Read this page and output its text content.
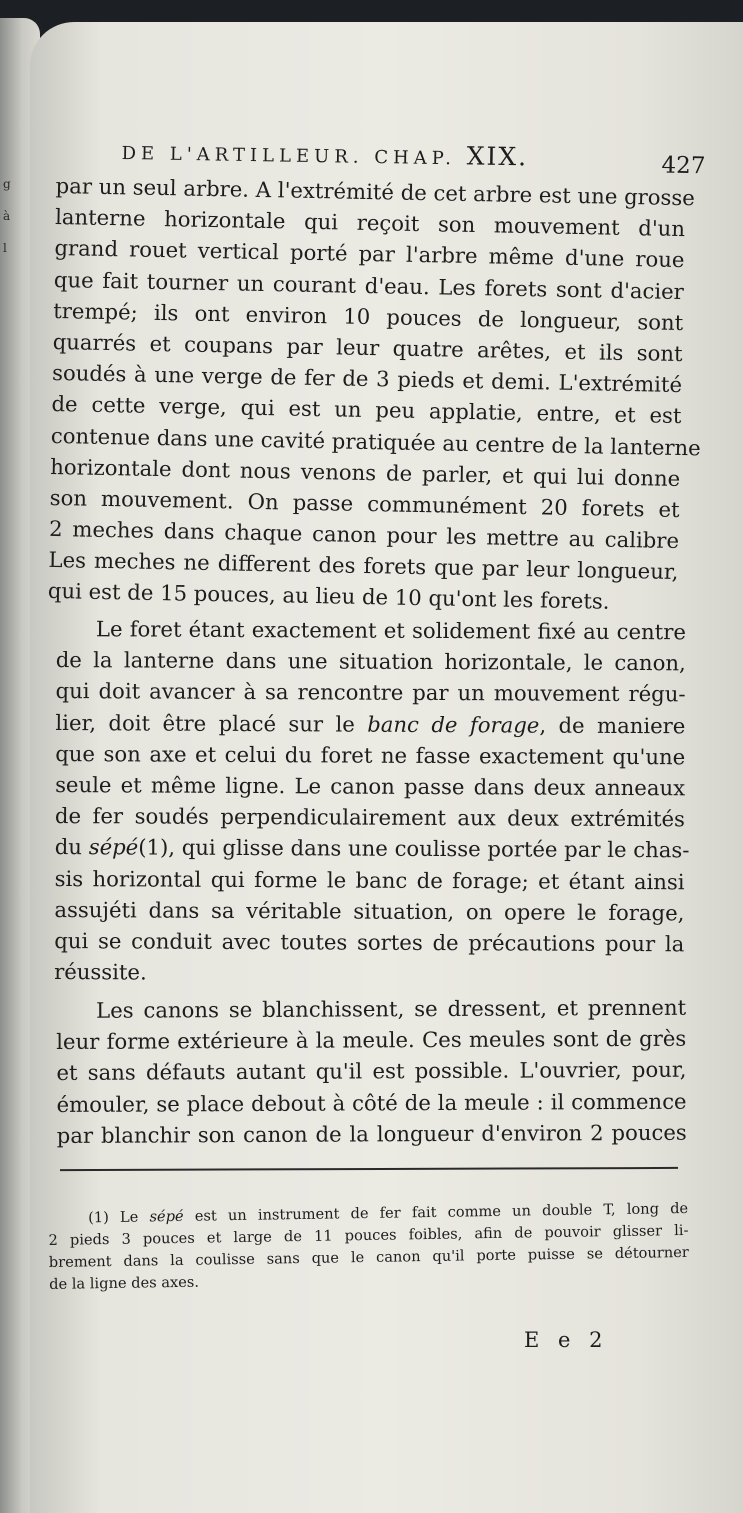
g
à
l
DE L'ARTILLEUR. CHAP. XIX.	427
par un seul arbre. A l'extrémité de cet arbre est une grosse
lanterne horizontale qui reçoit son mouvement d'un
grand rouet vertical porté par l'arbre même d'une roue
que fait tourner un courant d'eau. Les forets sont d'acier
trempé; ils ont environ 10 pouces de longueur, sont
quarrés et coupans par leur quatre arêtes, et ils sont
soudés à une verge de fer de 3 pieds et demi. L'extrémité
de cette verge, qui est un peu applatie, entre, et est
contenue dans une cavité pratiquée au centre de la lanterne
horizontale dont nous venons de parler, et qui lui donne
son mouvement. On passe communément 20 forets et
2 meches dans chaque canon pour les mettre au calibre
Les meches ne different des forets que par leur longueur,
qui est de 15 pouces, au lieu de 10 qu'ont les forets.
Le foret étant exactement et solidement fixé au centre
de la lanterne dans une situation horizontale, le canon,
qui doit avancer à sa rencontre par un mouvement régu-
lier, doit être placé sur le banc de forage, de maniere
que son axe et celui du foret ne fasse exactement qu'une
seule et même ligne. Le canon passe dans deux anneaux
de fer soudés perpendiculairement aux deux extrémités
du sépé(1), qui glisse dans une coulisse portée par le chas-
sis horizontal qui forme le banc de forage; et étant ainsi
assujéti dans sa véritable situation, on opere le forage,
qui se conduit avec toutes sortes de précautions pour la
réussite.
Les canons se blanchissent, se dressent, et prennent
leur forme extérieure à la meule. Ces meules sont de grès
et sans défauts autant qu'il est possible. L'ouvrier, pour,
émouler, se place debout à côté de la meule : il commence
par blanchir son canon de la longueur d'environ 2 pouces
(1) Le sépé est un instrument de fer fait comme un double T, long de
2 pieds 3 pouces et large de 11 pouces foibles, afin de pouvoir glisser li-
brement dans la coulisse sans que le canon qu'il porte puisse se détourner
de la ligne des axes.
E e 2
